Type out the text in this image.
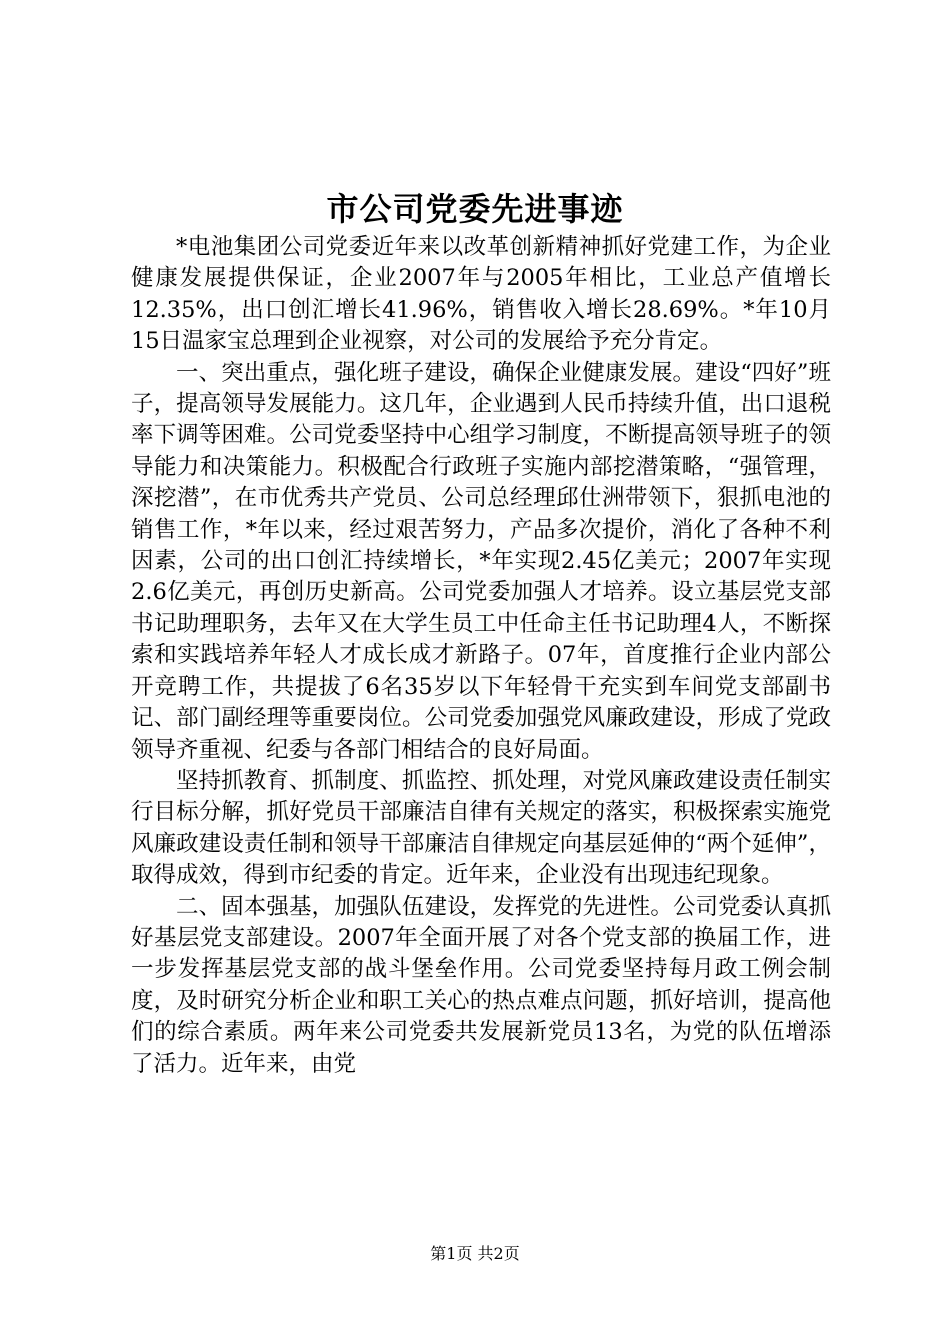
市公司党委先进事迹

*电池集团公司党委近年来以改革创新精神抓好党建工作，为企业健康发展提供保证，企业2007年与2005年相比，工业总产值增长12.35%，出口创汇增长41.96%，销售收入增长28.69%。*年10月15日温家宝总理到企业视察，对公司的发展给予充分肯定。

一、突出重点，强化班子建设，确保企业健康发展。建设“四好”班子，提高领导发展能力。这几年，企业遇到人民币持续升值，出口退税率下调等困难。公司党委坚持中心组学习制度，不断提高领导班子的领导能力和决策能力。积极配合行政班子实施内部挖潜策略，“强管理，深挖潜”，在市优秀共产党员、公司总经理邱仕洲带领下，狠抓电池的销售工作，*年以来，经过艰苦努力，产品多次提价，消化了各种不利因素，公司的出口创汇持续增长，*年实现2.45亿美元；2007年实现2.6亿美元，再创历史新高。公司党委加强人才培养。设立基层党支部书记助理职务，去年又在大学生员工中任命主任书记助理4人，不断探索和实践培养年轻人才成长成才新路子。07年，首度推行企业内部公开竞聘工作，共提拔了6名35岁以下年轻骨干充实到车间党支部副书记、部门副经理等重要岗位。公司党委加强党风廉政建设，形成了党政领导齐重视、纪委与各部门相结合的良好局面。

坚持抓教育、抓制度、抓监控、抓处理，对党风廉政建设责任制实行目标分解，抓好党员干部廉洁自律有关规定的落实，积极探索实施党风廉政建设责任制和领导干部廉洁自律规定向基层延伸的“两个延伸”，取得成效，得到市纪委的肯定。近年来，企业没有出现违纪现象。

二、固本强基，加强队伍建设，发挥党的先进性。公司党委认真抓好基层党支部建设。2007年全面开展了对各个党支部的换届工作，进一步发挥基层党支部的战斗堡垒作用。公司党委坚持每月政工例会制度，及时研究分析企业和职工关心的热点难点问题，抓好培训，提高他们的综合素质。两年来公司党委共发展新党员13名，为党的队伍增添了活力。近年来，由党

第1页 共2页
